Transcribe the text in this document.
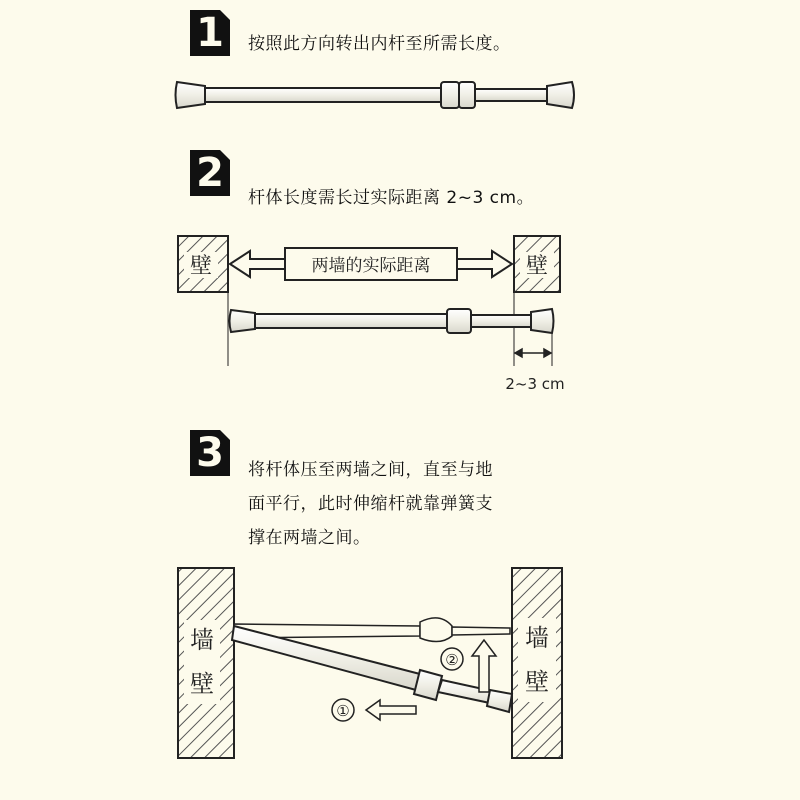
1	按照此方向转出内杆至所需长度。
2
杆体长度需长过实际距离 2~3 cm。
3	将杆体压至两墙之间，直至与地
面平行，此时伸缩杆就靠弹簧支
撑在两墙之间。
壁	壁
两墙的实际距离
2~3 cm
墙
壁
墙
壁
①
②
